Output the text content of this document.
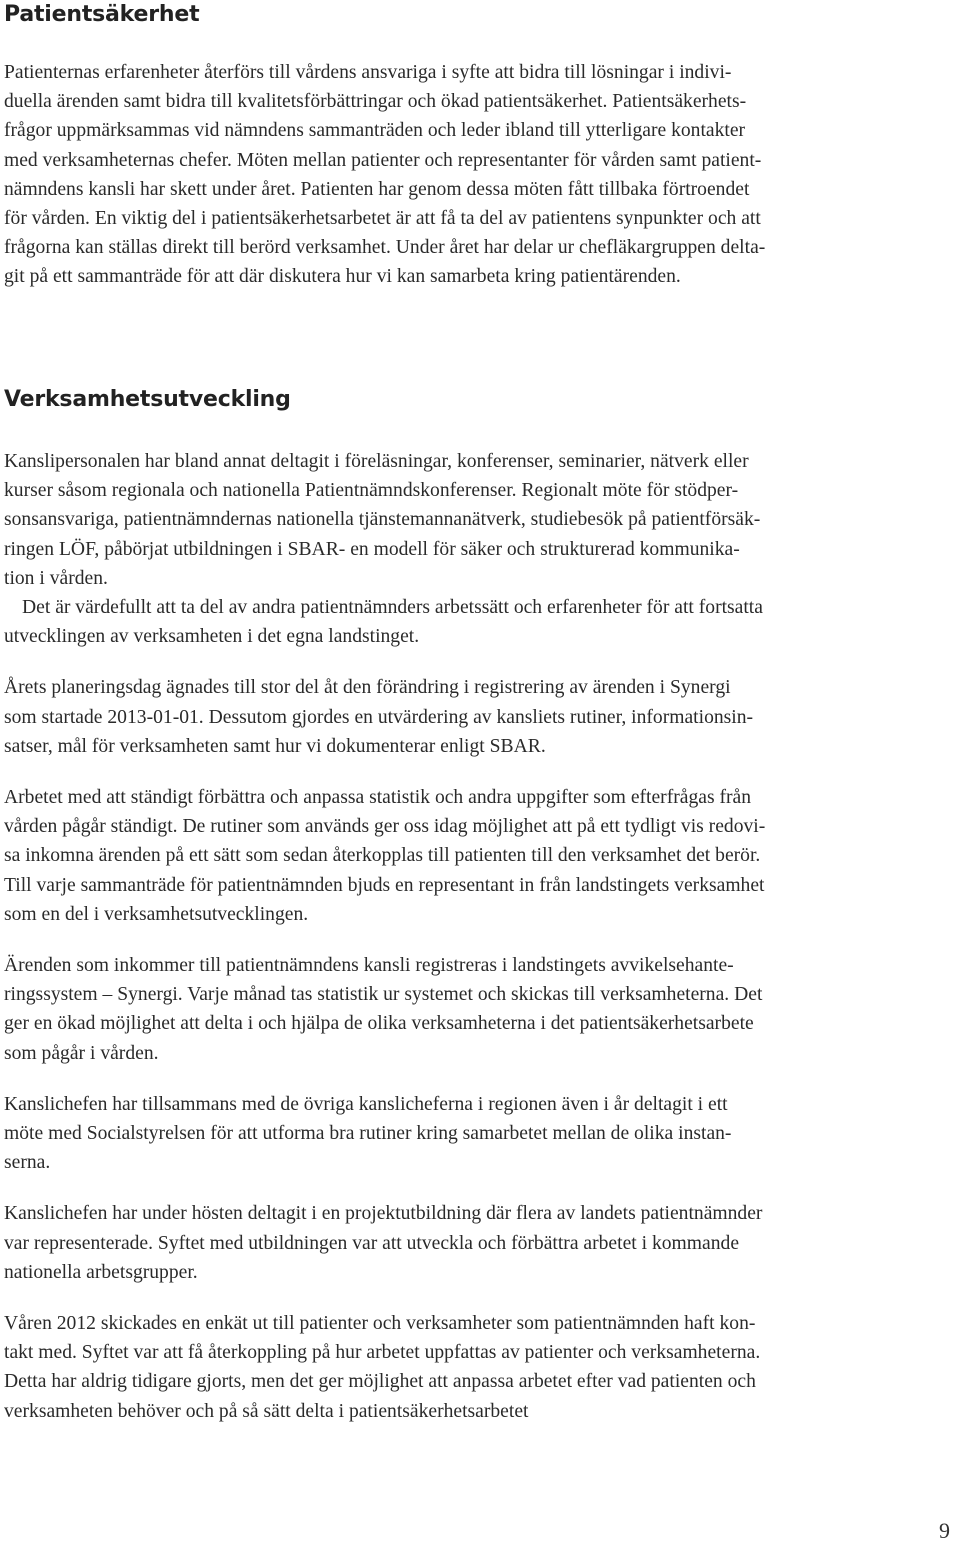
Patientsäkerhet

Patienternas erfarenheter återförs till vårdens ansvariga i syfte att bidra till lösningar i indivi-
duella ärenden samt bidra till kvalitetsförbättringar och ökad patientsäkerhet. Patientsäkerhets-
frågor uppmärksammas vid nämndens sammanträden och leder ibland till ytterligare kontakter
med verksamheternas chefer. Möten mellan patienter och representanter för vården samt patient-
nämndens kansli har skett under året. Patienten har genom dessa möten fått tillbaka förtroendet
för vården. En viktig del i patientsäkerhetsarbetet är att få ta del av patientens synpunkter och att
frågorna kan ställas direkt till berörd verksamhet. Under året har delar ur chefläkargruppen delta-
git på ett sammanträde för att där diskutera hur vi kan samarbeta kring patientärenden.

Verksamhetsutveckling

Kanslipersonalen har bland annat deltagit i föreläsningar, konferenser, seminarier, nätverk eller
kurser såsom regionala och nationella Patientnämndskonferenser. Regionalt möte för stödper-
sonsansvariga, patientnämndernas nationella tjänstemannanätverk, studiebesök på patientförsäk-
ringen LÖF, påbörjat utbildningen i SBAR- en modell för säker och strukturerad kommunika-
tion i vården.

Det är värdefullt att ta del av andra patientnämnders arbetssätt och erfarenheter för att fortsatta
utvecklingen av verksamheten i det egna landstinget.

Årets planeringsdag ägnades till stor del åt den förändring i registrering av ärenden i Synergi
som startade 2013-01-01. Dessutom gjordes en utvärdering av kansliets rutiner, informationsin-
satser, mål för verksamheten samt hur vi dokumenterar enligt SBAR.

Arbetet med att ständigt förbättra och anpassa statistik och andra uppgifter som efterfrågas från
vården pågår ständigt. De rutiner som används ger oss idag möjlighet att på ett tydligt vis redovi-
sa inkomna ärenden på ett sätt som sedan återkopplas till patienten till den verksamhet det berör.
Till varje sammanträde för patientnämnden bjuds en representant in från landstingets verksamhet
som en del i verksamhetsutvecklingen.

Ärenden som inkommer till patientnämndens kansli registreras i landstingets avvikelsehante-
ringssystem – Synergi. Varje månad tas statistik ur systemet och skickas till verksamheterna. Det
ger en ökad möjlighet att delta i och hjälpa de olika verksamheterna i det patientsäkerhetsarbete
som pågår i vården.

Kanslichefen har tillsammans med de övriga kanslicheferna i regionen även i år deltagit i ett
möte med Socialstyrelsen för att utforma bra rutiner kring samarbetet mellan de olika instan-
serna.

Kanslichefen har under hösten deltagit i en projektutbildning där flera av landets patientnämnder
var representerade. Syftet med utbildningen var att utveckla och förbättra arbetet i kommande
nationella arbetsgrupper.

Våren 2012 skickades en enkät ut till patienter och verksamheter som patientnämnden haft kon-
takt med. Syftet var att få återkoppling på hur arbetet uppfattas av patienter och verksamheterna.
Detta har aldrig tidigare gjorts, men det ger möjlighet att anpassa arbetet efter vad patienten och
verksamheten behöver och på så sätt delta i patientsäkerhetsarbetet

9
